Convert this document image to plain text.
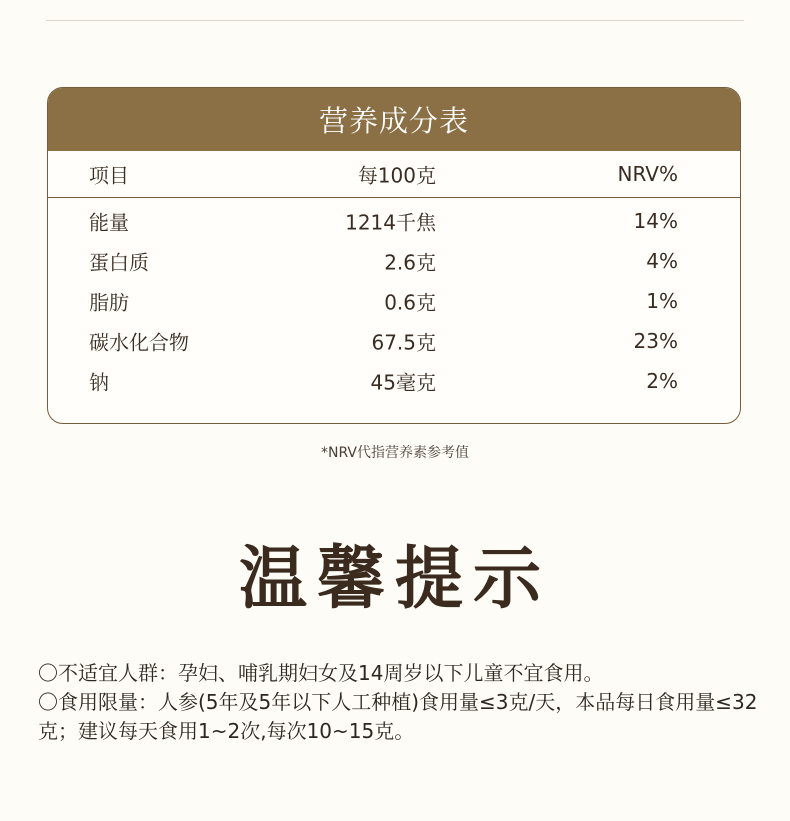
营养成分表
项目	每100克	NRV%
能量	1214千焦	14%
蛋白质	2.6克	4%
脂肪	0.6克	1%
碳水化合物	67.5克	23%
钠	45毫克	2%
*NRV代指营养素参考值
温馨提示

〇不适宜人群：孕妇、哺乳期妇女及14周岁以下儿童不宜食用。

〇食用限量：人参(5年及5年以下人工种植)食用量≤3克/天，本品每日食用量≤32克；建议每天食用1~2次,每次10~15克。
